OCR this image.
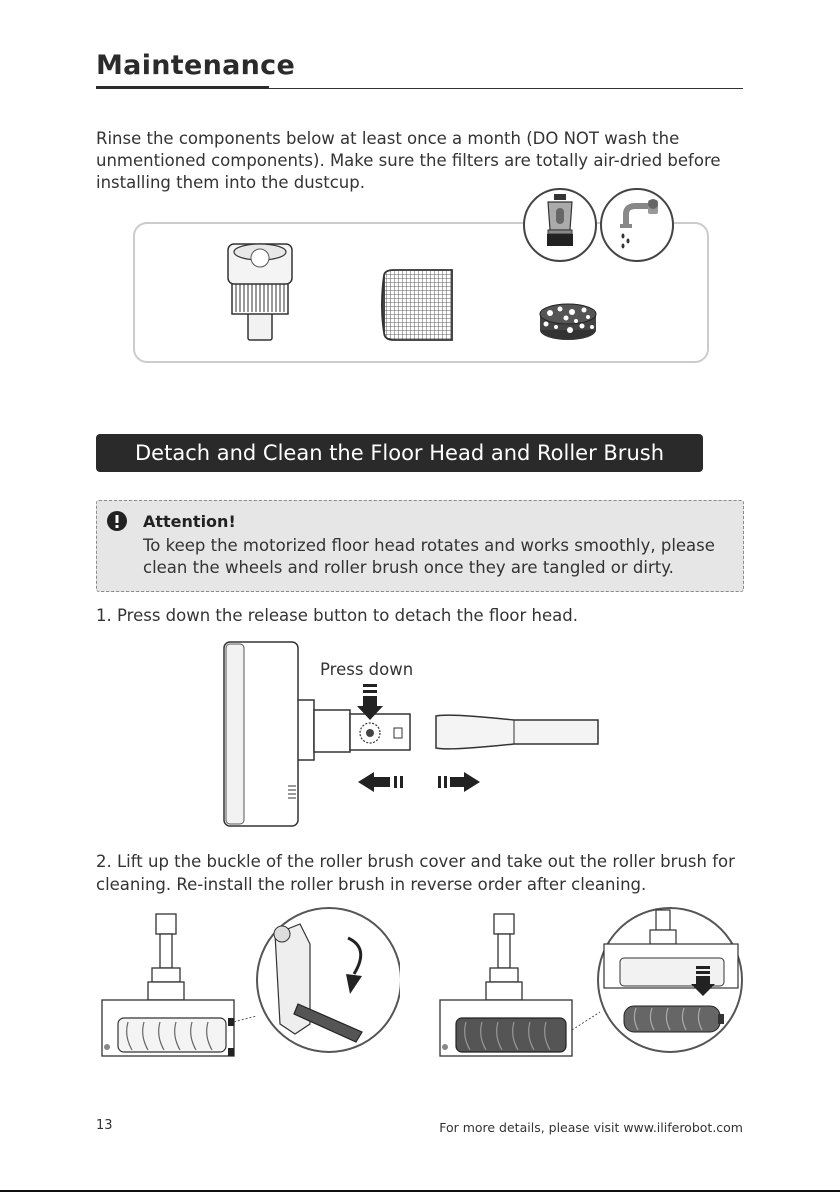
Maintenance
Rinse the components below at least once a month (DO NOT wash the unmentioned components). Make sure the filters are totally air-dried before installing them into the dustcup.
Detach and Clean the Floor Head and Roller Brush
Attention!
To keep the motorized floor head rotates and works smoothly, please clean the wheels and roller brush once they are tangled or dirty.
1. Press down the release button to detach the floor head.
Press down
2. Lift up the buckle of the roller brush cover and take out the roller brush for cleaning. Re-install the roller brush in reverse order after cleaning.
13	For more details, please visit www.iliferobot.com
